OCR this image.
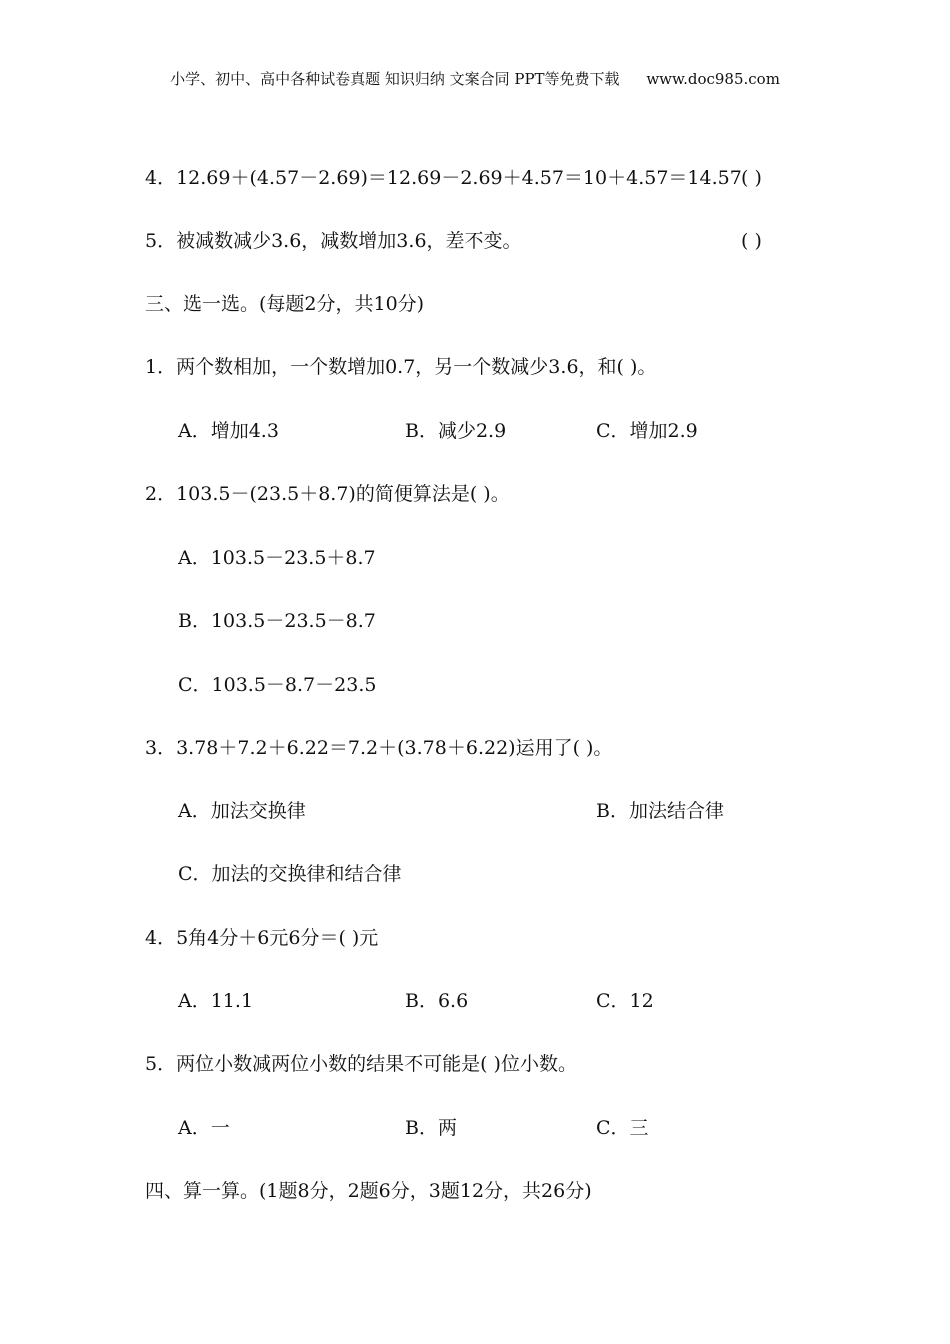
小学、初中、高中各种试卷真题 知识归纳 文案合同 PPT等免费下载 www.doc985.com
4．12.69＋(4.57－2.69)＝12.69－2.69＋4.57＝10＋4.57＝14.57 ( )
5．被减数减少3.6，减数增加3.6，差不变。	( )
三、选一选。(每题2分，共10分)
1．两个数相加，一个数增加0.7，另一个数减少3.6，和( )。
A．增加4.3	B．减少2.9	C．增加2.9
2．103.5－(23.5＋8.7)的简便算法是( )。
A．103.5－23.5＋8.7
B．103.5－23.5－8.7
C．103.5－8.7－23.5
3．3.78＋7.2＋6.22＝7.2＋(3.78＋6.22)运用了( )。
A．加法交换律	B．加法结合律
C．加法的交换律和结合律
4．5角4分＋6元6分＝( )元
A．11.1	B．6.6	C．12
5．两位小数减两位小数的结果不可能是( )位小数。
A．一	B．两	C．三
四、算一算。(1题8分，2题6分，3题12分，共26分)
